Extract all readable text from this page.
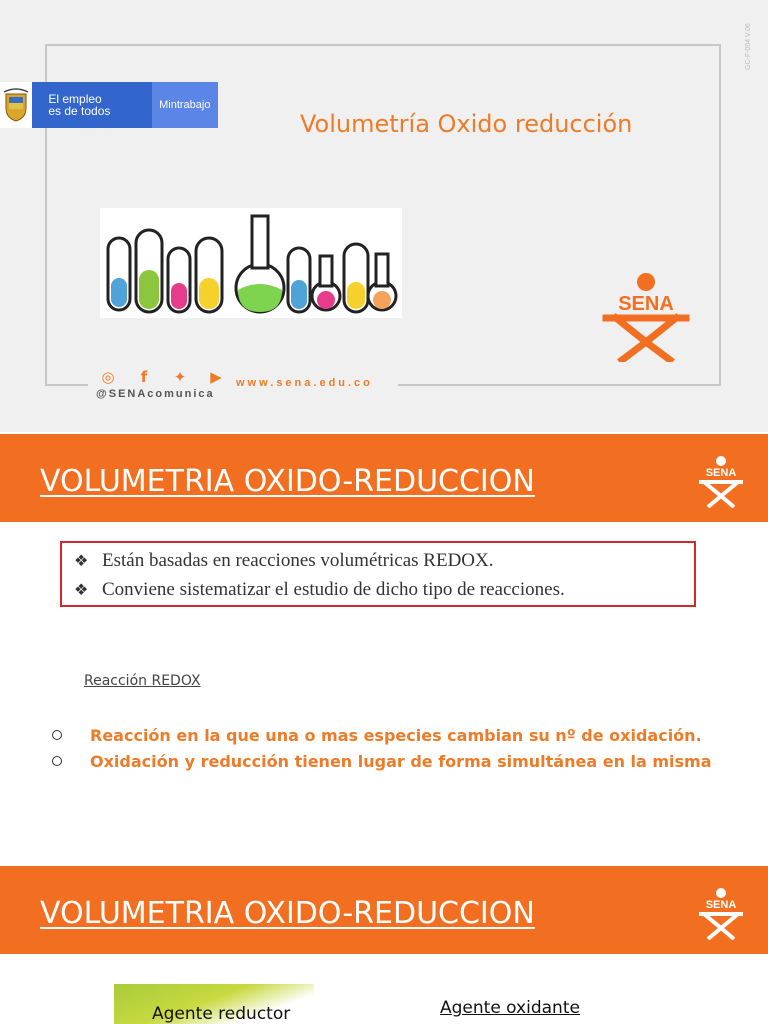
GC-F-004 V.06
El empleo
es de todos	Mintrabajo
Volumetría Oxido reducción
SENA
◎	f	✦	▶
@SENAcomunica
www.sena.edu.co
VOLUMETRIA OXIDO-REDUCCION	SENA
❖ Están basadas en reacciones volumétricas REDOX.
❖ Conviene sistematizar el estudio de dicho tipo de reacciones.
Reacción REDOX
Reacción en la que una o mas especies cambian su nº de oxidación.
Oxidación y reducción tienen lugar de forma simultánea en la misma
VOLUMETRIA OXIDO-REDUCCION	SENA
Agente reductor	Agente oxidante
